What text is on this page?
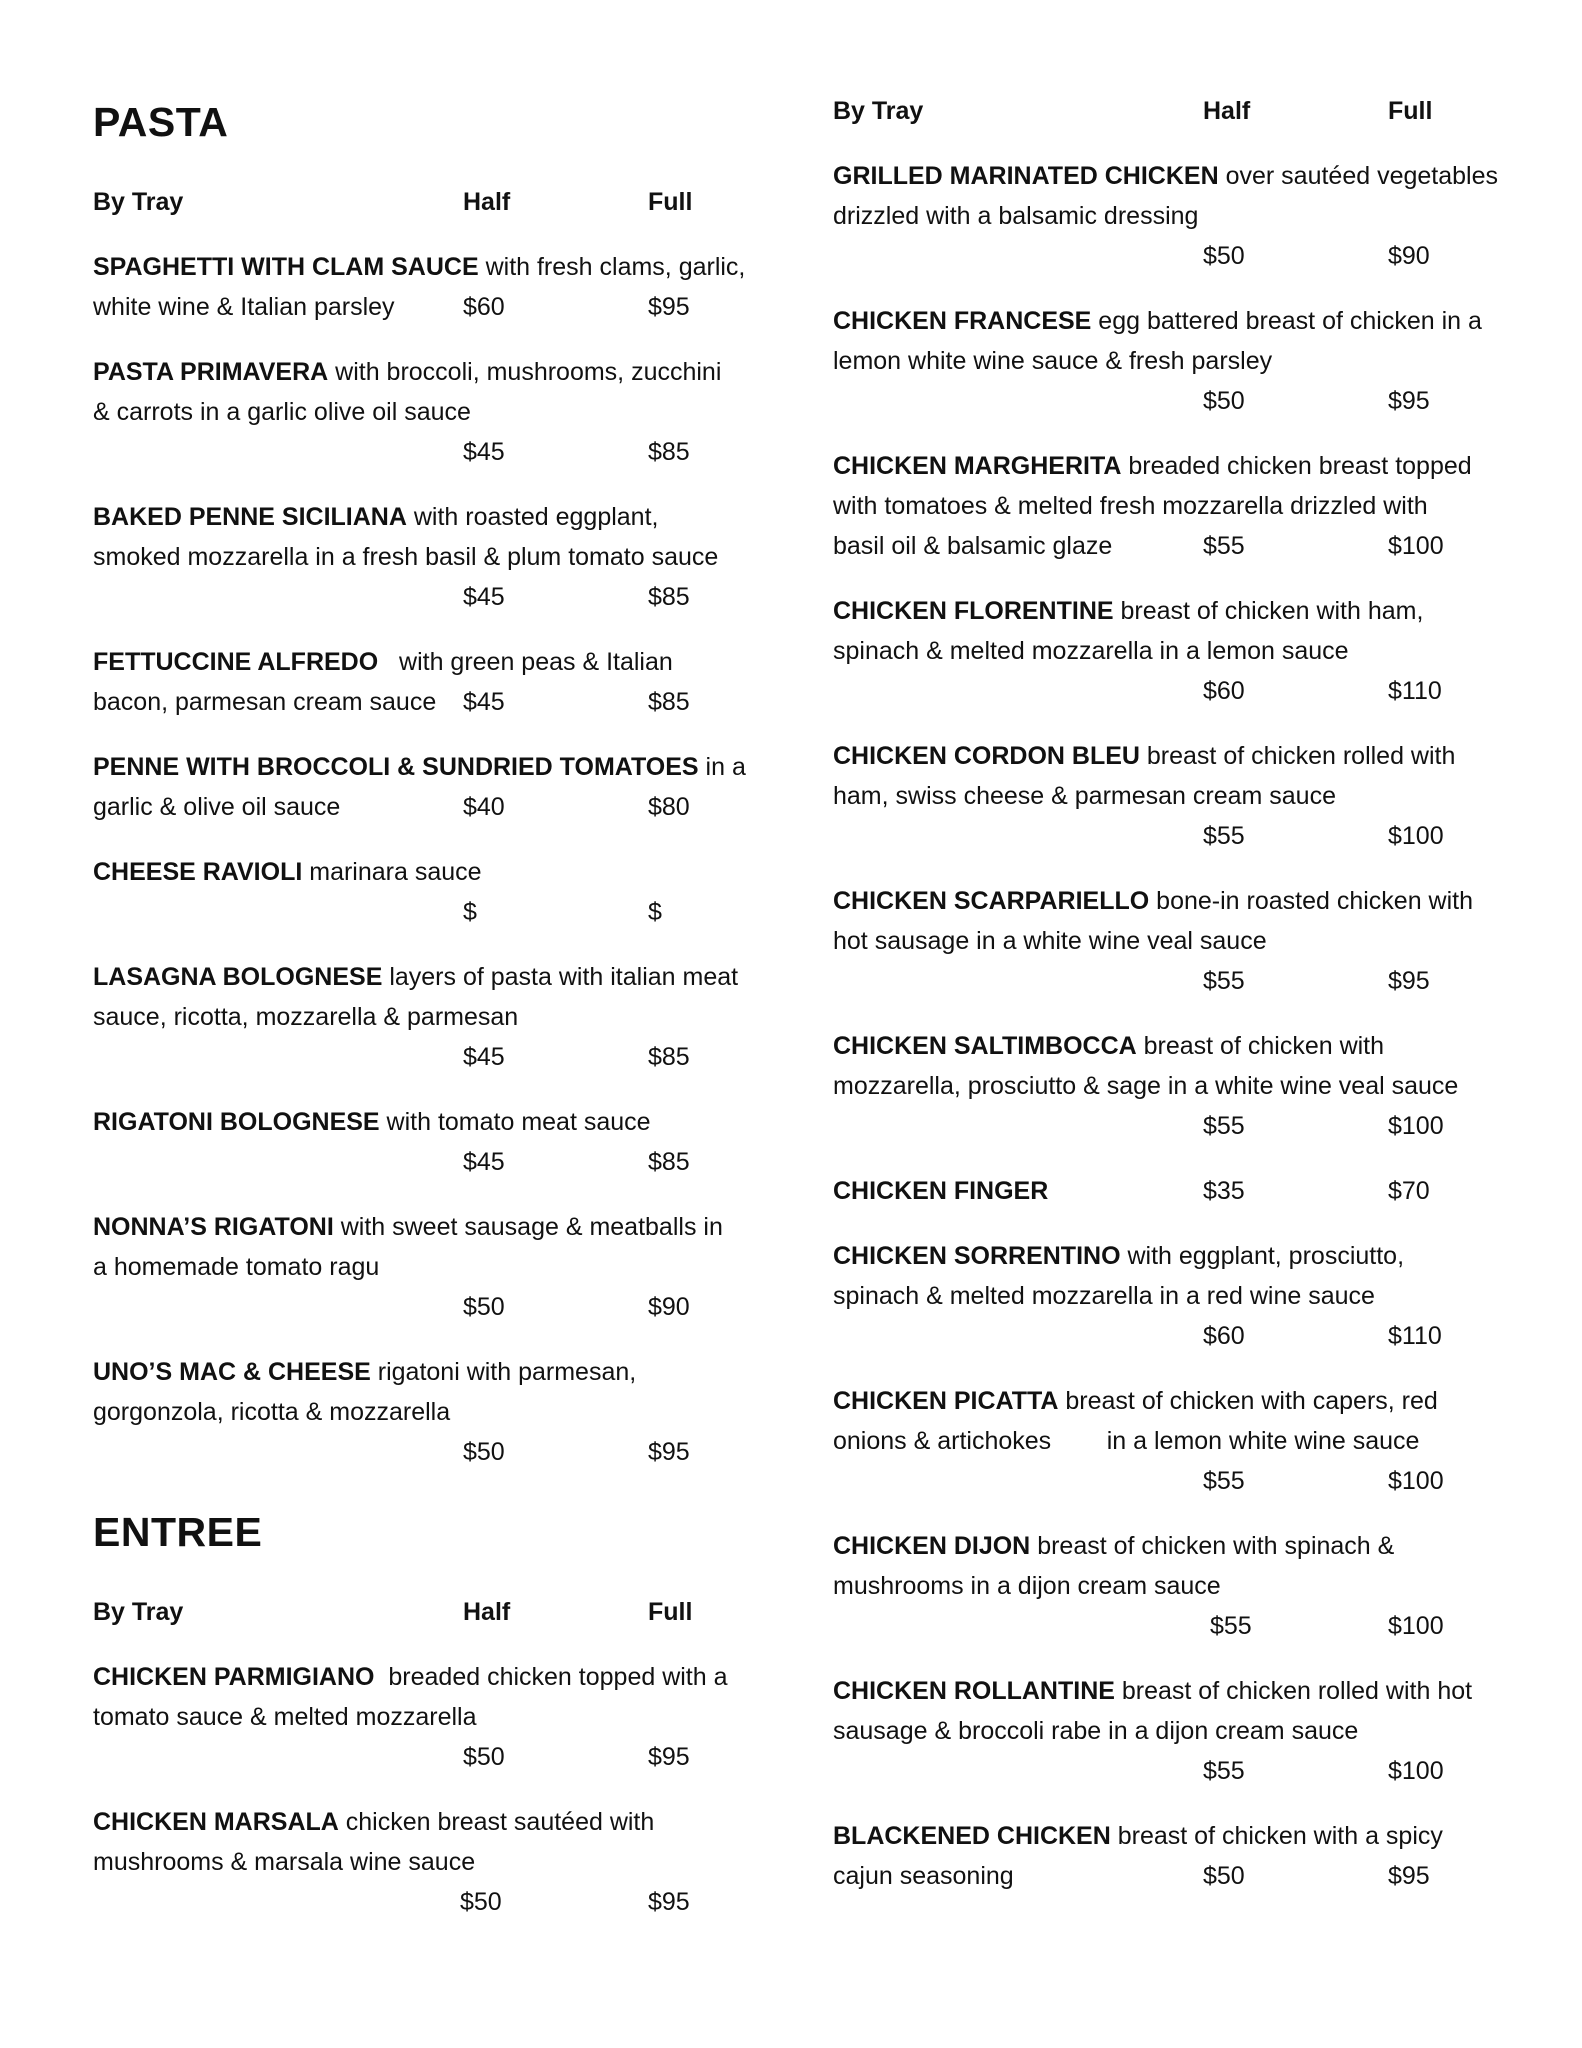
PASTA
By Tray	Half	Full
SPAGHETTI WITH CLAM SAUCE with fresh clams, garlic,
white wine & Italian parsley	$60	$95
PASTA PRIMAVERA with broccoli, mushrooms, zucchini
& carrots in a garlic olive oil sauce
$45	$85
BAKED PENNE SICILIANA with roasted eggplant,
smoked mozzarella in a fresh basil & plum tomato sauce
$45	$85
FETTUCCINE ALFREDO   with green peas & Italian
bacon, parmesan cream sauce $45	$85
PENNE WITH BROCCOLI & SUNDRIED TOMATOES in a
garlic & olive oil sauce	$40	$80
CHEESE RAVIOLI marinara sauce
$	$
LASAGNA BOLOGNESE layers of pasta with italian meat
sauce, ricotta, mozzarella & parmesan
$45	$85
RIGATONI BOLOGNESE with tomato meat sauce
$45	$85
NONNA’S RIGATONI with sweet sausage & meatballs in
a homemade tomato ragu
$50	$90
UNO’S MAC & CHEESE rigatoni with parmesan,
gorgonzola, ricotta & mozzarella
$50	$95
ENTREE
By Tray	Half	Full
CHICKEN PARMIGIANO  breaded chicken topped with a
tomato sauce & melted mozzarella
$50	$95
CHICKEN MARSALA chicken breast sautéed with
mushrooms & marsala wine sauce
$50	$95
By Tray	Half	Full
GRILLED MARINATED CHICKEN over sautéed vegetables
drizzled with a balsamic dressing
$50	$90
CHICKEN FRANCESE egg battered breast of chicken in a
lemon white wine sauce & fresh parsley
$50	$95
CHICKEN MARGHERITA breaded chicken breast topped
with tomatoes & melted fresh mozzarella drizzled with
basil oil & balsamic glaze	$55	$100
CHICKEN FLORENTINE breast of chicken with ham,
spinach & melted mozzarella in a lemon sauce
$60	$110
CHICKEN CORDON BLEU breast of chicken rolled with
ham, swiss cheese & parmesan cream sauce
$55	$100
CHICKEN SCARPARIELLO bone-in roasted chicken with
hot sausage in a white wine veal sauce
$55	$95
CHICKEN SALTIMBOCCA breast of chicken with
mozzarella, prosciutto & sage in a white wine veal sauce
$55	$100
CHICKEN FINGER	$35	$70
CHICKEN SORRENTINO with eggplant, prosciutto,
spinach & melted mozzarella in a red wine sauce
$60	$110
CHICKEN PICATTA breast of chicken with capers, red
onions & artichokes        in a lemon white wine sauce
$55	$100
CHICKEN DIJON breast of chicken with spinach &
mushrooms in a dijon cream sauce
$55	$100
CHICKEN ROLLANTINE breast of chicken rolled with hot
sausage & broccoli rabe in a dijon cream sauce
$55	$100
BLACKENED CHICKEN breast of chicken with a spicy
cajun seasoning	$50	$95
